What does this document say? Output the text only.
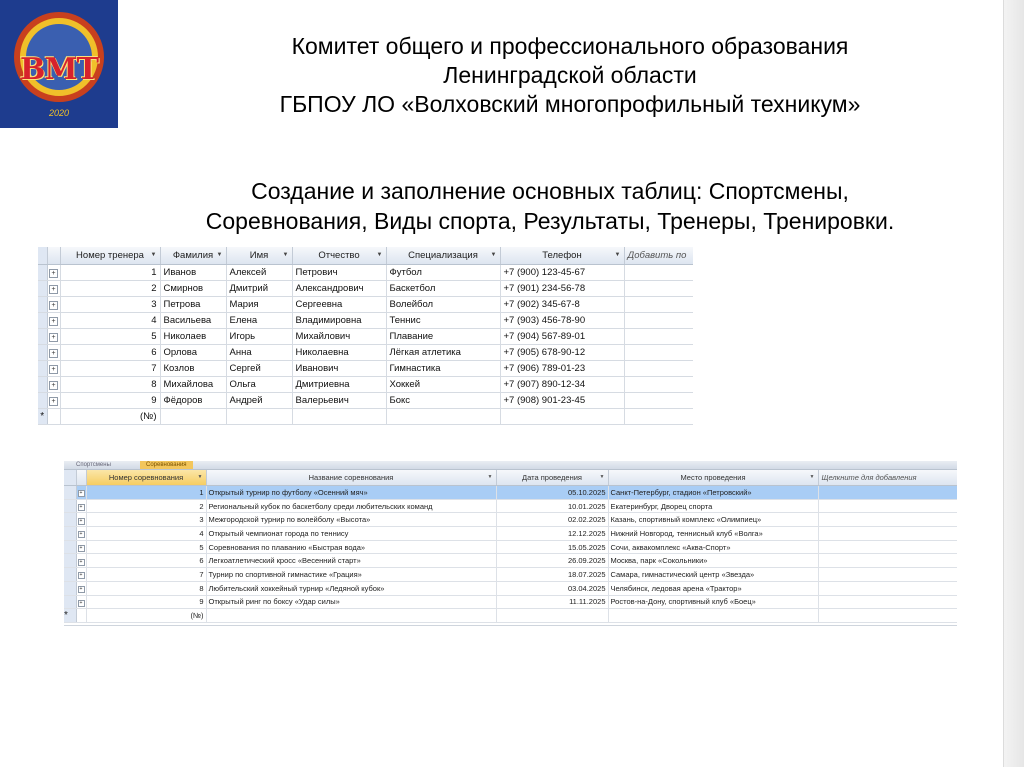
ВМТ
2020
Комитет общего и профессионального образования
Ленинградской области
ГБПОУ ЛО «Волховский многопрофильный техникум»
Создание и заполнение основных таблиц: Спортсмены,
Соревнования, Виды спорта, Результаты, Тренеры, Тренировки.
		Номер тренера ▼	Фамилия ▼	Имя ▼	Отчество ▼	Специализация ▼	Телефон ▼	Добавить по
	+	1	Иванов	Алексей	Петрович	Футбол	+7 (900) 123-45-67	
	+	2	Смирнов	Дмитрий	Александрович	Баскетбол	+7 (901) 234-56-78	
	+	3	Петрова	Мария	Сергеевна	Волейбол	+7 (902) 345-67-8	
	+	4	Васильева	Елена	Владимировна	Теннис	+7 (903) 456-78-90	
	+	5	Николаев	Игорь	Михайлович	Плавание	+7 (904) 567-89-01	
	+	6	Орлова	Анна	Николаевна	Лёгкая атлетика	+7 (905) 678-90-12	
	+	7	Козлов	Сергей	Иванович	Гимнастика	+7 (906) 789-01-23	
	+	8	Михайлова	Ольга	Дмитриевна	Хоккей	+7 (907) 890-12-34	
	+	9	Фёдоров	Андрей	Валерьевич	Бокс	+7 (908) 901-23-45	
*		(№)						
Спортсмены	Соревнования
		Номер соревнования ▼	Название соревнования ▼	Дата проведения ▼	Место проведения ▼	Щелкните для добавления
	+	1	Открытый турнир по футболу «Осенний мяч»	05.10.2025	Санкт-Петербург, стадион «Петровский»	
	+	2	Региональный кубок по баскетболу среди любительских команд	10.01.2025	Екатеринбург, Дворец спорта	
	+	3	Межгородской турнир по волейболу «Высота»	02.02.2025	Казань, спортивный комплекс «Олимпиец»	
	+	4	Открытый чемпионат города по теннису	12.12.2025	Нижний Новгород, теннисный клуб «Волга»	
	+	5	Соревнования по плаванию «Быстрая вода»	15.05.2025	Сочи, аквакомплекс «Аква-Спорт»	
	+	6	Легкоатлетический кросс «Весенний старт»	26.09.2025	Москва, парк «Сокольники»	
	+	7	Турнир по спортивной гимнастике «Грация»	18.07.2025	Самара, гимнастический центр «Звезда»	
	+	8	Любительский хоккейный турнир «Ледяной кубок»	03.04.2025	Челябинск, ледовая арена «Трактор»	
	+	9	Открытый ринг по боксу «Удар силы»	11.11.2025	Ростов-на-Дону, спортивный клуб «Боец»	
*		(№)				
